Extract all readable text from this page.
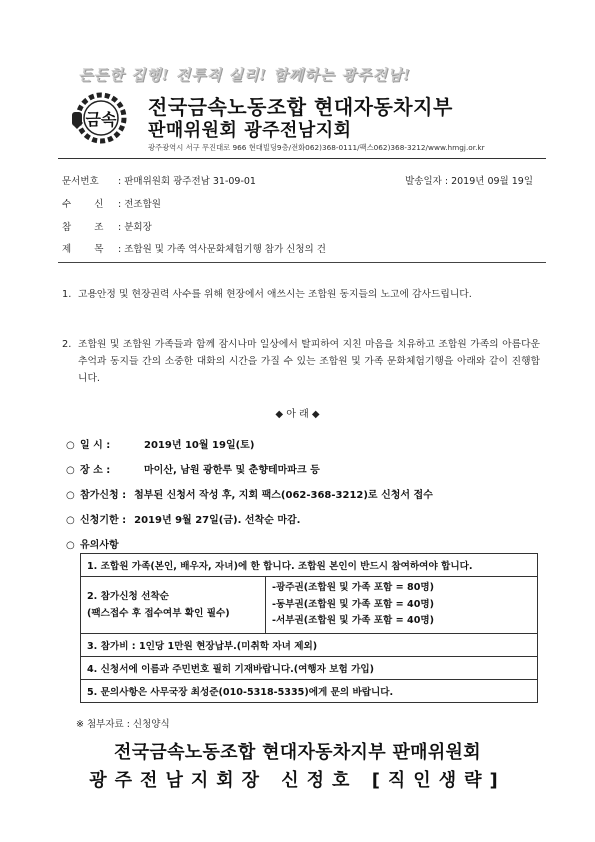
든든한 집행! 전투적 실리! 함께하는 광주전남!
금속
전국금속노동조합 현대자동차지부
판매위원회 광주전남지회
광주광역시 서구 무진대로 966 현대빌딩9층/전화062)368-0111/팩스062)368-3212/www.hmgj.or.kr
문서번호 : 판매위원회 광주전남 31-09-01	발송일자 : 2019년 09월 19일
수 신 : 전조합원
참 조 : 분회장
제 목 : 조합원 및 가족 역사문화체험기행 참가 신청의 건
1. 고용안정 및 현장권력 사수를 위해 현장에서 애쓰시는 조합원 동지들의 노고에 감사드립니다.
2. 조합원 및 조합원 가족들과 함께 잠시나마 일상에서 탈피하여 지친 마음을 치유하고 조합원 가족의 아름다운 추억과 동지들 간의 소중한 대화의 시간을 가질 수 있는 조합원 및 가족 문화체험기행을 아래와 같이 진행합니다.
◆ 아 래 ◆
○ 일 시 :	2019년 10월 19일(토)
○ 장 소 :	마이산, 남원 광한루 및 춘향테마파크 등
○ 참가신청 : 첨부된 신청서 작성 후, 지회 팩스(062-368-3212)로 신청서 접수
○ 신청기한 : 2019년 9월 27일(금). 선착순 마감.
○ 유의사항
1. 조합원 가족(본인, 배우자, 자녀)에 한 합니다. 조합원 본인이 반드시 참여하여야 합니다.

2. 참가신청 선착순
(팩스접수 후 접수여부 확인 필수)

-광주권(조합원 및 가족 포함 = 80명)
-동부권(조합원 및 가족 포함 = 40명)
-서부권(조합원 및 가족 포함 = 40명)

3. 참가비 : 1인당 1만원 현장납부.(미취학 자녀 제외)
4. 신청서에 이름과 주민번호 필히 기재바랍니다.(여행자 보험 가입)
5. 문의사항은 사무국장 최성준(010-5318-5335)에게 문의 바랍니다.
※ 첨부자료 : 신청양식
전국금속노동조합 현대자동차지부 판매위원회
광주전남지회장 신정호 [직인생략]
